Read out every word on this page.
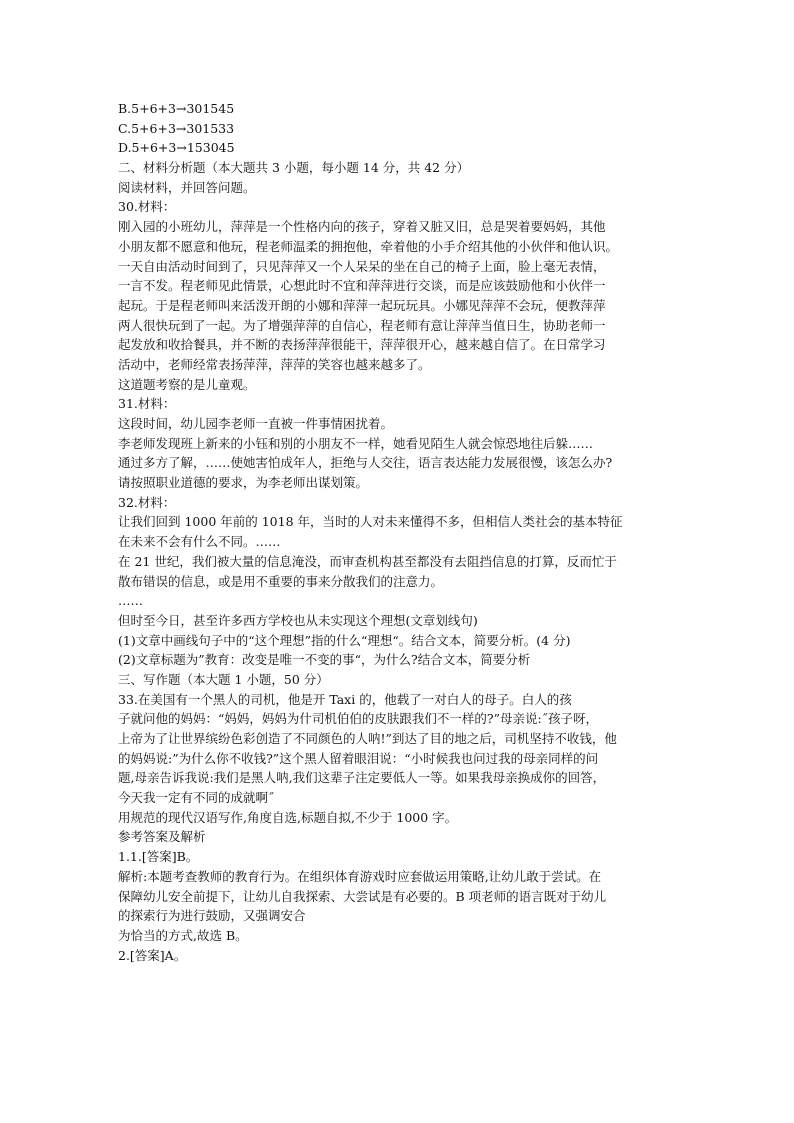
B.5+6+3→301545
C.5+6+3→301533
D.5+6+3→153045
二、材料分析题（本大题共 3 小题，每小题 14 分，共 42 分）
阅读材料，并回答问题。
30.材料：
刚入园的小班幼儿，萍萍是一个性格内向的孩子，穿着又脏又旧，总是哭着要妈妈，其他
小朋友都不愿意和他玩，程老师温柔的拥抱他，牵着他的小手介绍其他的小伙伴和他认识。
一天自由活动时间到了，只见萍萍又一个人呆呆的坐在自己的椅子上面，脸上毫无表情，
一言不发。程老师见此情景，心想此时不宜和萍萍进行交谈，而是应该鼓励他和小伙伴一
起玩。于是程老师叫来活泼开朗的小娜和萍萍一起玩玩具。小娜见萍萍不会玩，便教萍萍
两人很快玩到了一起。为了增强萍萍的自信心，程老师有意让萍萍当值日生，协助老师一
起发放和收拾餐具，并不断的表扬萍萍很能干，萍萍很开心，越来越自信了。在日常学习
活动中，老师经常表扬萍萍，萍萍的笑容也越来越多了。
这道题考察的是儿童观。
31.材料：
这段时间，幼儿园李老师一直被一件事情困扰着。
李老师发现班上新来的小钰和别的小朋友不一样，她看见陌生人就会惊恐地往后躲……
通过多方了解，……使她害怕成年人，拒绝与人交往，语言表达能力发展很慢，该怎么办?
请按照职业道德的要求，为李老师出谋划策。
32.材料：
让我们回到 1000 年前的 1018 年，当时的人对未来懂得不多，但相信人类社会的基本特征
在未来不会有什么不同。……
在 21 世纪，我们被大量的信息淹没，而审查机构甚至都没有去阻挡信息的打算，反而忙于
散布错误的信息，或是用不重要的事来分散我们的注意力。
……
但时至今日，甚至许多西方学校也从未实现这个理想(文章划线句)
(1)文章中画线句子中的“这个理想”指的什么“理想“。结合文本，简要分析。(4 分)
(2)文章标题为”教育：改变是唯一不变的事“，为什么?结合文本，简要分析
三、写作题（本大题 1 小题，50 分）
33.在美国有一个黑人的司机，他是开 Taxi 的，他载了一对白人的母子。白人的孩
子就问他的妈妈：“妈妈，妈妈为什司机伯伯的皮肤跟我们不一样的?”母亲说:˝孩子呀，
上帝为了让世界缤纷色彩创造了不同颜色的人呐!”到达了目的地之后，司机坚持不收钱，他
的妈妈说:”为什么你不收钱?”这个黑人留着眼泪说：“小时候我也问过我的母亲同样的问
题,母亲告诉我说:我们是黑人呐,我们这辈子注定要低人一等。如果我母亲换成你的回答，
今天我一定有不同的成就啊˝
用规范的现代汉语写作,角度自选,标题自拟,不少于 1000 字。
参考答案及解析
1.1.[答案]B。
解析:本题考查教师的教育行为。在组织体育游戏时应套做运用策略,让幼儿敢于尝试。在
保障幼儿安全前提下，让幼儿自我探索、大尝试是有必要的。B 项老师的语言既对于幼儿
的探索行为进行鼓励，又强调安合
为恰当的方式,故选 B。
2.[答案]A。
